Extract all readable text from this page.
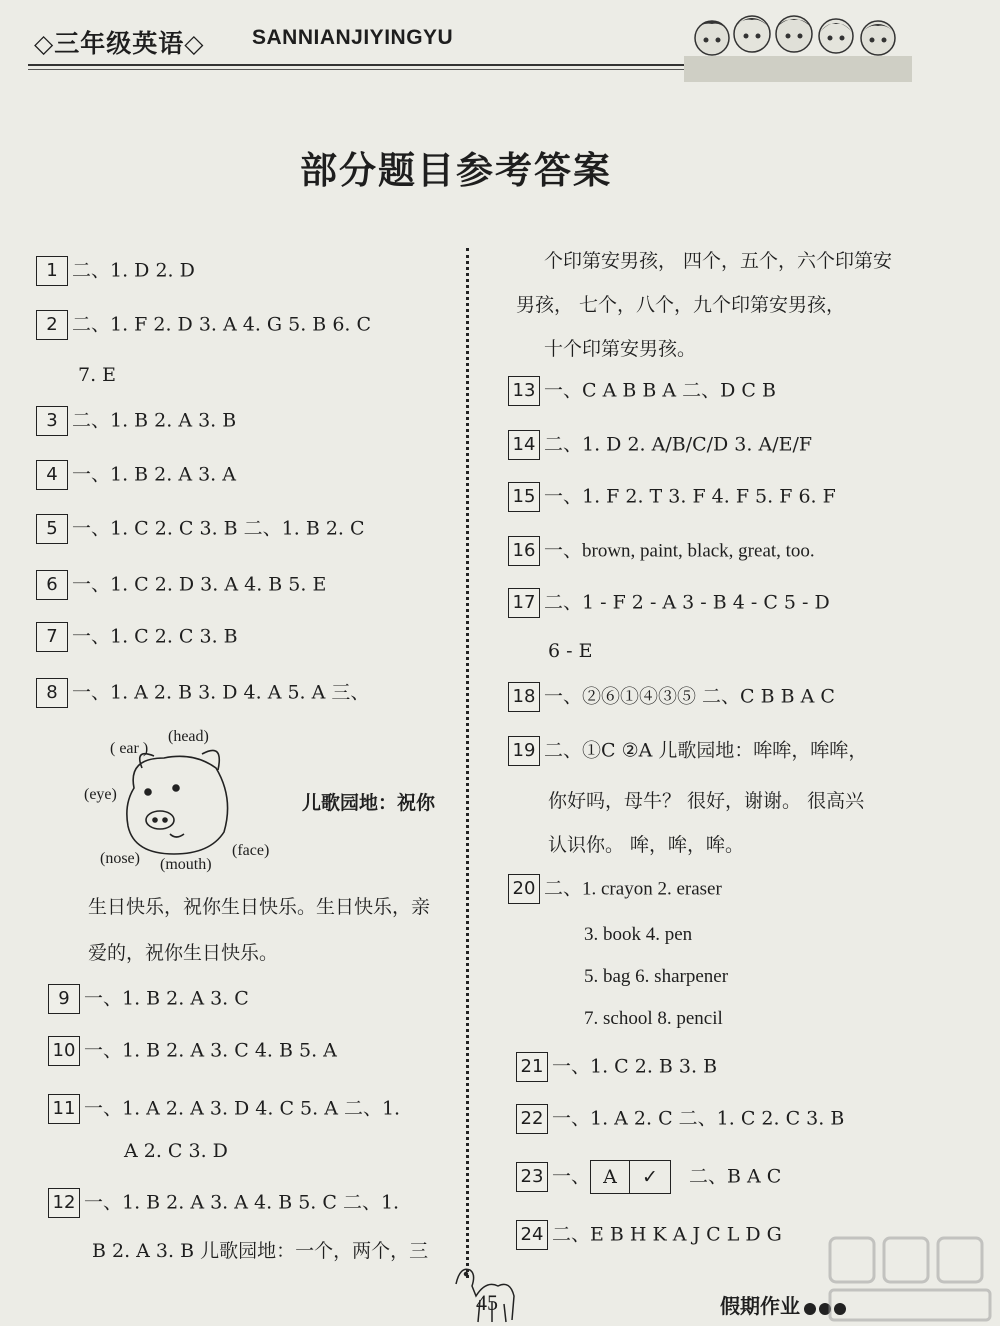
◇三年级英语◇ SANNIANJIYINGYU
部分题目参考答案
1 二、1. D 2. D
2 二、1. F 2. D 3. A 4. G 5. B 6. C
7. E
3 二、1. B 2. A 3. B
4 一、1. B 2. A 3. A
5 一、1. C 2. C 3. B 二、1. B 2. C
6 一、1. C 2. D 3. A 4. B 5. E
7 一、1. C 2. C 3. B
8 一、1. A 2. B 3. D 4. A 5. A 三、
( ear )
(head)
(eye)
(nose) (mouth)
(face)
儿歌园地：祝你
生日快乐，祝你生日快乐。生日快乐，亲
爱的，祝你生日快乐。
9 一、1. B 2. A 3. C
10 一、1. B 2. A 3. C 4. B 5. A
11 一、1. A 2. A 3. D 4. C 5. A 二、1.
A 2. C 3. D
12 一、1. B 2. A 3. A 4. B 5. C 二、1.
B 2. A 3. B 儿歌园地：一个，两个，三
个印第安男孩， 四个，五个，六个印第安
男孩， 七个，八个，九个印第安男孩，
十个印第安男孩。
13 一、C A B B A 二、D C B
14 二、1. D 2. A/B/C/D 3. A/E/F
15 一、1. F 2. T 3. F 4. F 5. F 6. F
16 一、brown, paint, black, great, too.
17 二、1 - F 2 - A 3 - B 4 - C 5 - D
6 - E
18 一、②⑥①④③⑤ 二、C B B A C
19 二、①C ②A 儿歌园地：哞哞，哞哞，
你好吗，母牛？ 很好，谢谢。 很高兴
认识你。 哞，哞，哞。
20 二、1. crayon 2. eraser
3. book 4. pen
5. bag 6. sharpener
7. school 8. pencil
21 一、1. C 2. B 3. B
22 一、1. A 2. C 二、1. C 2. C 3. B
23 一、 A ✓ 二、B A C
24 二、E B H K A J C L D G
45	假期作业
